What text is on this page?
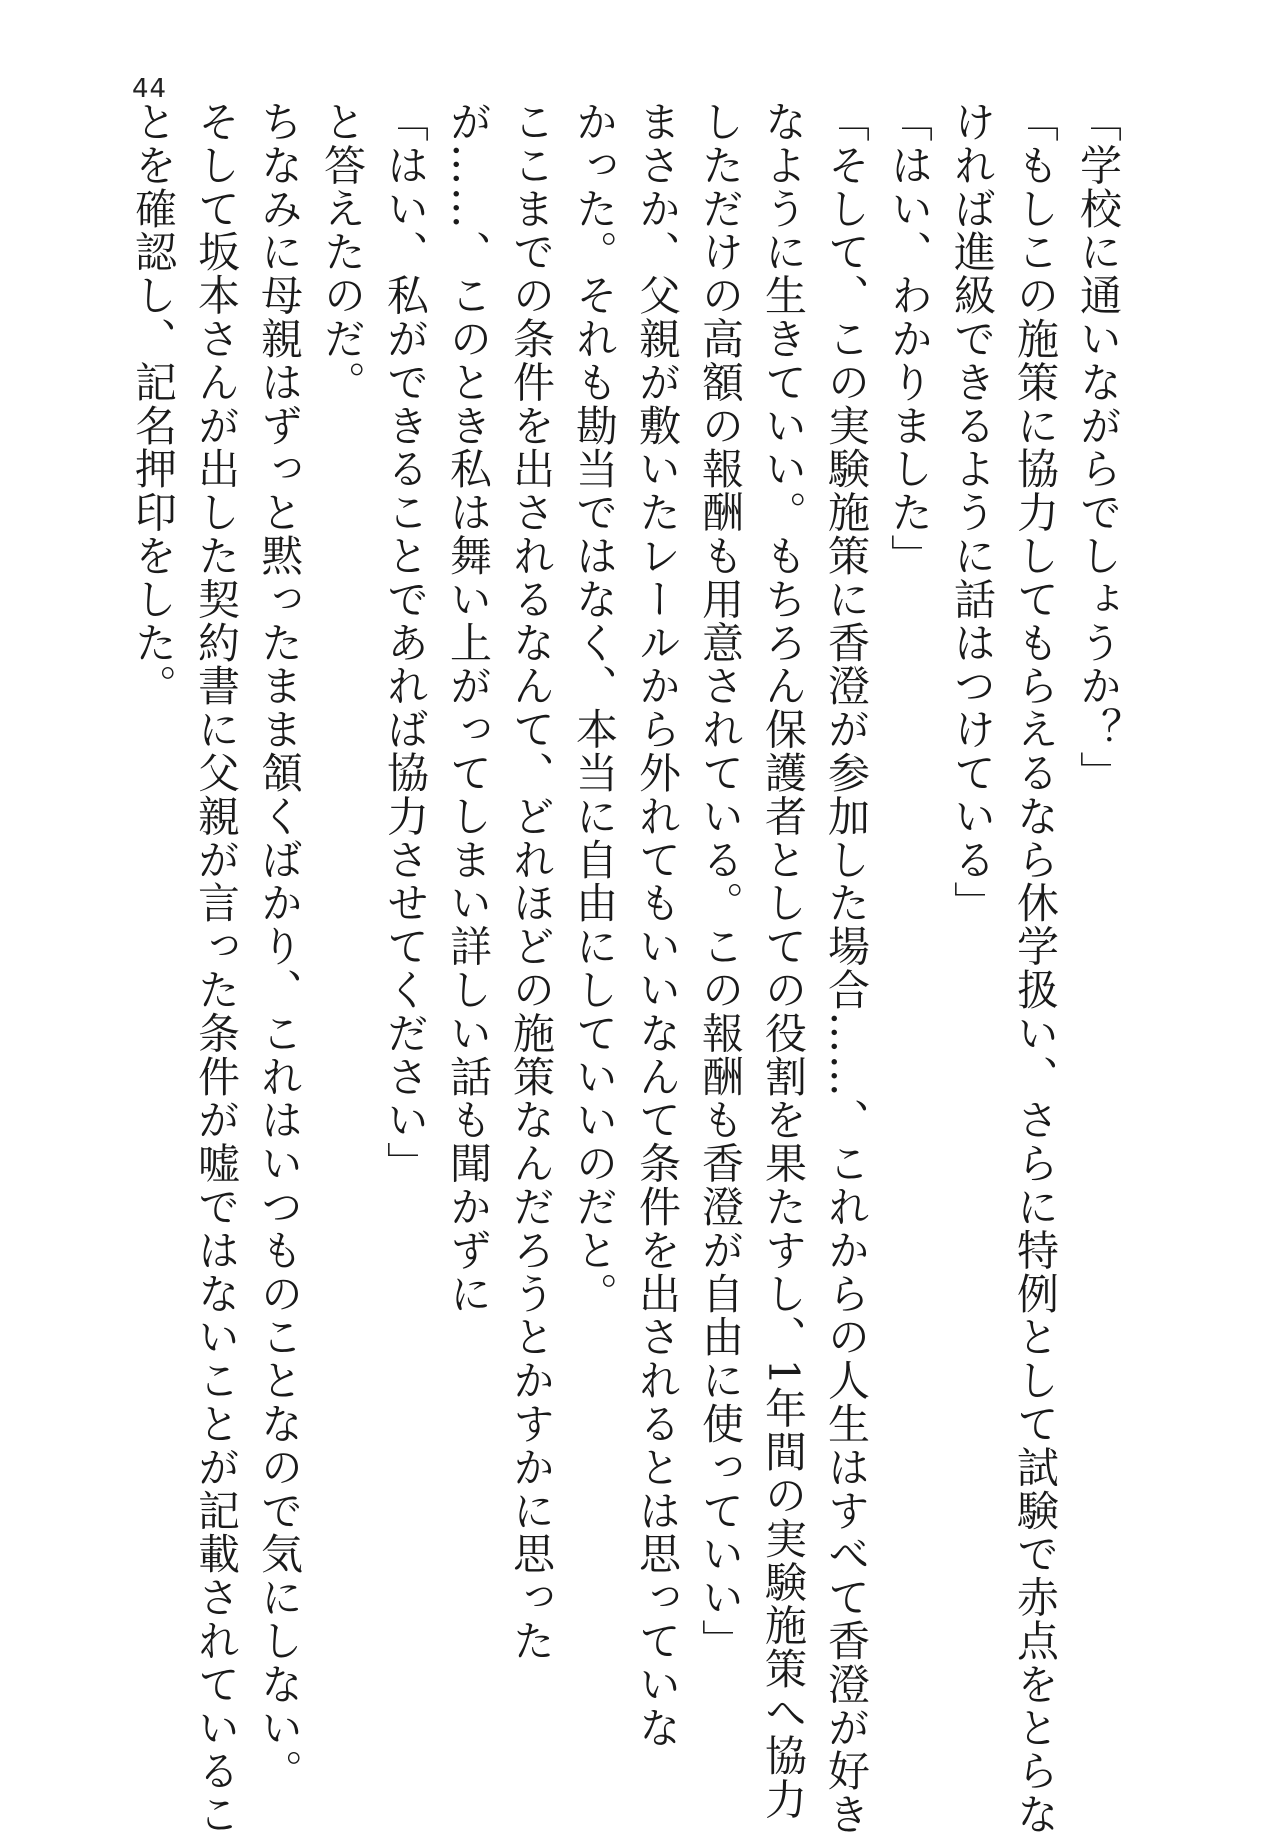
44
「学校に通いながらでしょうか？」
「もしこの施策に協力してもらえるなら休学扱い、さらに特例として試験で赤点をとらな
ければ進級できるように話はつけている」
「はい、わかりました」
「そして、この実験施策に香澄が参加した場合……、これからの人生はすべて香澄が好き
なように生きていい。もちろん保護者としての役割を果たすし、1年間の実験施策へ協力
しただけの高額の報酬も用意されている。この報酬も香澄が自由に使っていい」
まさか、父親が敷いたレールから外れてもいいなんて条件を出されるとは思っていな
かった。それも勘当ではなく、本当に自由にしていいのだと。
ここまでの条件を出されるなんて、どれほどの施策なんだろうとかすかに思った
が……、このとき私は舞い上がってしまい詳しい話も聞かずに
「はい、私ができることであれば協力させてください」
と答えたのだ。
ちなみに母親はずっと黙ったまま頷くばかり、これはいつものことなので気にしない。
そして坂本さんが出した契約書に父親が言った条件が嘘ではないことが記載されているこ
とを確認し、記名押印をした。
